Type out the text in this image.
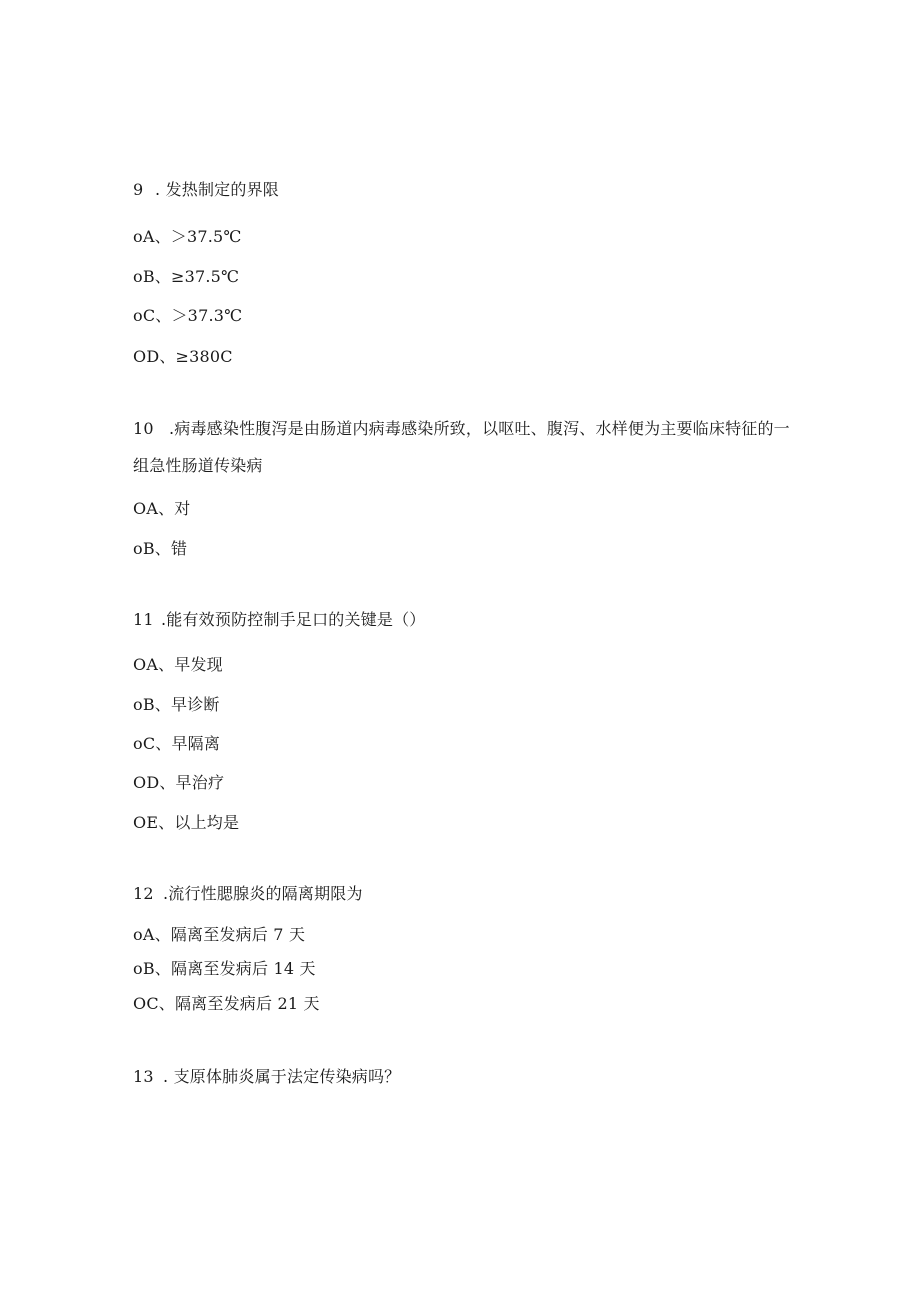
9 . 发热制定的界限
oA、＞37.5℃
oB、≥37.5℃
oC、＞37.3℃
OD、≥380C
10 .病毒感染性腹泻是由肠道内病毒感染所致，以呕吐、腹泻、水样便为主要临床特征的一组急性肠道传染病
OA、对
oB、错
11 .能有效预防控制手足口的关键是（）
OA、早发现
oB、早诊断
oC、早隔离
OD、早治疗
OE、以上均是
12 .流行性腮腺炎的隔离期限为
oA、隔离至发病后 7 天
oB、隔离至发病后 14 天
OC、隔离至发病后 21 天
13 . 支原体肺炎属于法定传染病吗？
